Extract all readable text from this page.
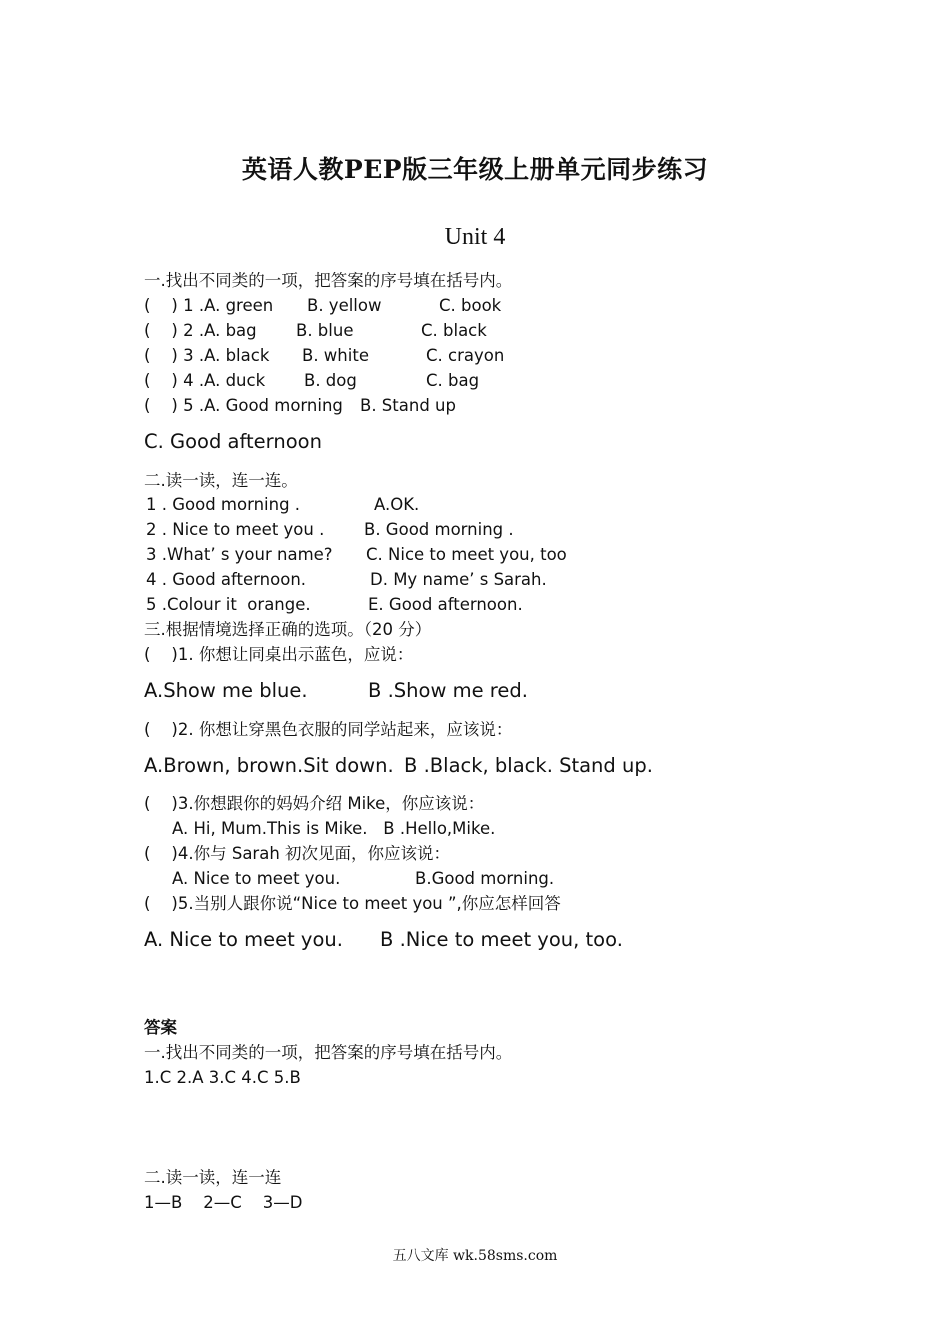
英语人教PEP版三年级上册单元同步练习
Unit 4
一.找出不同类的一项，把答案的序号填在括号内。
(    ) 1 .A. green B. yellow	C. book
(    ) 2 .A. bag B. blue	C. black
(    ) 3 .A. black B. white	C. crayon
(    ) 4 .A. duck B. dog	C. bag
(    ) 5 .A. Good morning B. Stand up
C. Good afternoon
二.读一读，连一连。
1 . Good morning .	A.OK.
2 . Nice to meet you . B. Good morning .
3 .What’ s your name? C. Nice to meet you, too
4 . Good afternoon.	D. My name’ s Sarah.
5 .Colour it  orange.	E. Good afternoon.
三.根据情境选择正确的选项。（20 分）
(    )1. 你想让同桌出示蓝色，应说：
A.Show me blue.	B .Show me red.
(    )2. 你想让穿黑色衣服的同学站起来，应该说：
A.Brown, brown.Sit down. B .Black, black. Stand up.
(    )3.你想跟你的妈妈介绍 Mike，你应该说：
A. Hi, Mum.This is Mike.   B .Hello,Mike.
(    )4.你与 Sarah 初次见面，你应该说：
A. Nice to meet you.	B.Good morning.
(    )5.当别人跟你说“Nice to meet you ”,你应怎样回答
A. Nice to meet you. B .Nice to meet you, too.
答案
一.找出不同类的一项，把答案的序号填在括号内。
1.C 2.A 3.C 4.C 5.B
二.读一读，连一连
1—B    2—C    3—D
五八文库 wk.58sms.com
